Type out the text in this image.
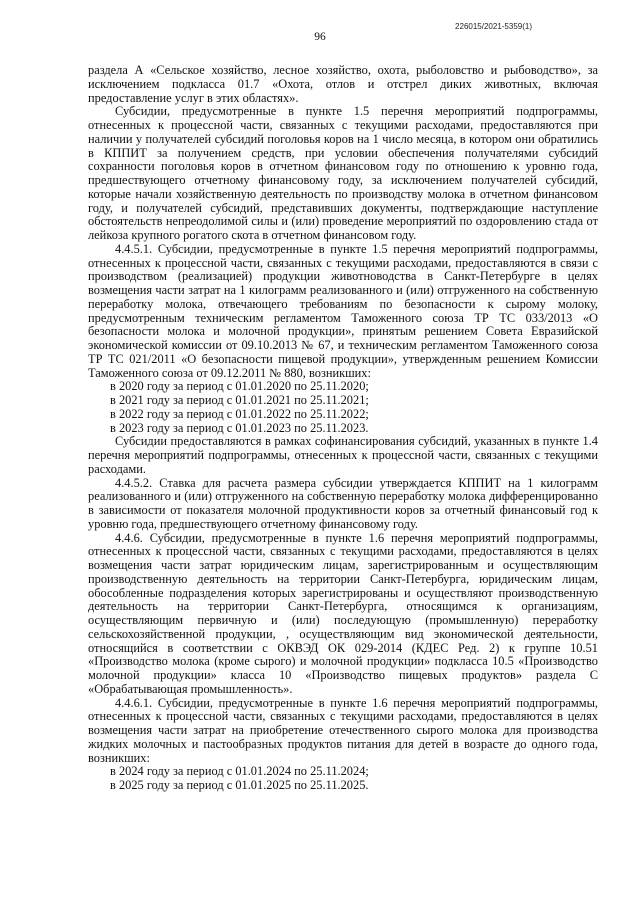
226015/2021-5359(1)
96

раздела А «Сельское хозяйство, лесное хозяйство, охота, рыболовство и рыбоводство», за исключением подкласса 01.7 «Охота, отлов и отстрел диких животных, включая предоставление услуг в этих областях».

Субсидии, предусмотренные в пункте 1.5 перечня мероприятий подпрограммы, отнесенных к процессной части, связанных с текущими расходами, предоставляются при наличии у получателей субсидий поголовья коров на 1 число месяца, в котором они обратились в КППИТ за получением средств, при условии обеспечения получателями субсидий сохранности поголовья коров в отчетном финансовом году по отношению к уровню года, предшествующего отчетному финансовому году, за исключением получателей субсидий, которые начали хозяйственную деятельность по производству молока в отчетном финансовом году, и получателей субсидий, представивших документы, подтверждающие наступление обстоятельств непреодолимой силы и (или) проведение мероприятий по оздоровлению стада от лейкоза крупного рогатого скота в отчетном финансовом году.

4.4.5.1. Субсидии, предусмотренные в пункте 1.5 перечня мероприятий подпрограммы, отнесенных к процессной части, связанных с текущими расходами, предоставляются в связи с производством (реализацией) продукции животноводства в Санкт-Петербурге в целях возмещения части затрат на 1 килограмм реализованного и (или) отгруженного на собственную переработку молока, отвечающего требованиям по безопасности к сырому молоку, предусмотренным техническим регламентом Таможенного союза ТР ТС 033/2013 «О безопасности молока и молочной продукции», принятым решением Совета Евразийской экономической комиссии от 09.10.2013 № 67, и техническим регламентом Таможенного союза ТР ТС 021/2011 «О безопасности пищевой продукции», утвержденным решением Комиссии Таможенного союза от 09.12.2011 № 880, возникших:

в 2020 году за период с 01.01.2020 по 25.11.2020;

в 2021 году за период с 01.01.2021 по 25.11.2021;

в 2022 году за период с 01.01.2022 по 25.11.2022;

в 2023 году за период с 01.01.2023 по 25.11.2023.

Субсидии предоставляются в рамках софинансирования субсидий, указанных в пункте 1.4 перечня мероприятий подпрограммы, отнесенных к процессной части, связанных с текущими расходами.

4.4.5.2. Ставка для расчета размера субсидии утверждается КППИТ на 1 килограмм реализованного и (или) отгруженного на собственную переработку молока дифференцированно в зависимости от показателя молочной продуктивности коров за отчетный финансовый год к уровню года, предшествующего отчетному финансовому году.

4.4.6. Субсидии, предусмотренные в пункте 1.6 перечня мероприятий подпрограммы, отнесенных к процессной части, связанных с текущими расходами, предоставляются в целях возмещения части затрат юридическим лицам, зарегистрированным и осуществляющим производственную деятельность на территории Санкт-Петербурга, юридическим лицам, обособленные подразделения которых зарегистрированы и осуществляют производственную деятельность на территории Санкт-Петербурга, относящимся к организациям, осуществляющим первичную и (или) последующую (промышленную) переработку сельскохозяйственной продукции, , осуществляющим вид экономической деятельности, относящийся в соответствии с ОКВЭД ОК 029-2014 (КДЕС Ред. 2) к группе 10.51 «Производство молока (кроме сырого) и молочной продукции» подкласса 10.5 «Производство молочной продукции» класса 10 «Производство пищевых продуктов» раздела С «Обрабатывающая промышленность».

4.4.6.1. Субсидии, предусмотренные в пункте 1.6 перечня мероприятий подпрограммы, отнесенных к процессной части, связанных с текущими расходами, предоставляются в целях возмещения части затрат на приобретение отечественного сырого молока для производства жидких молочных и пастообразных продуктов питания для детей в возрасте до одного года, возникших:

в 2024 году за период с 01.01.2024 по 25.11.2024;

в 2025 году за период с 01.01.2025 по 25.11.2025.
